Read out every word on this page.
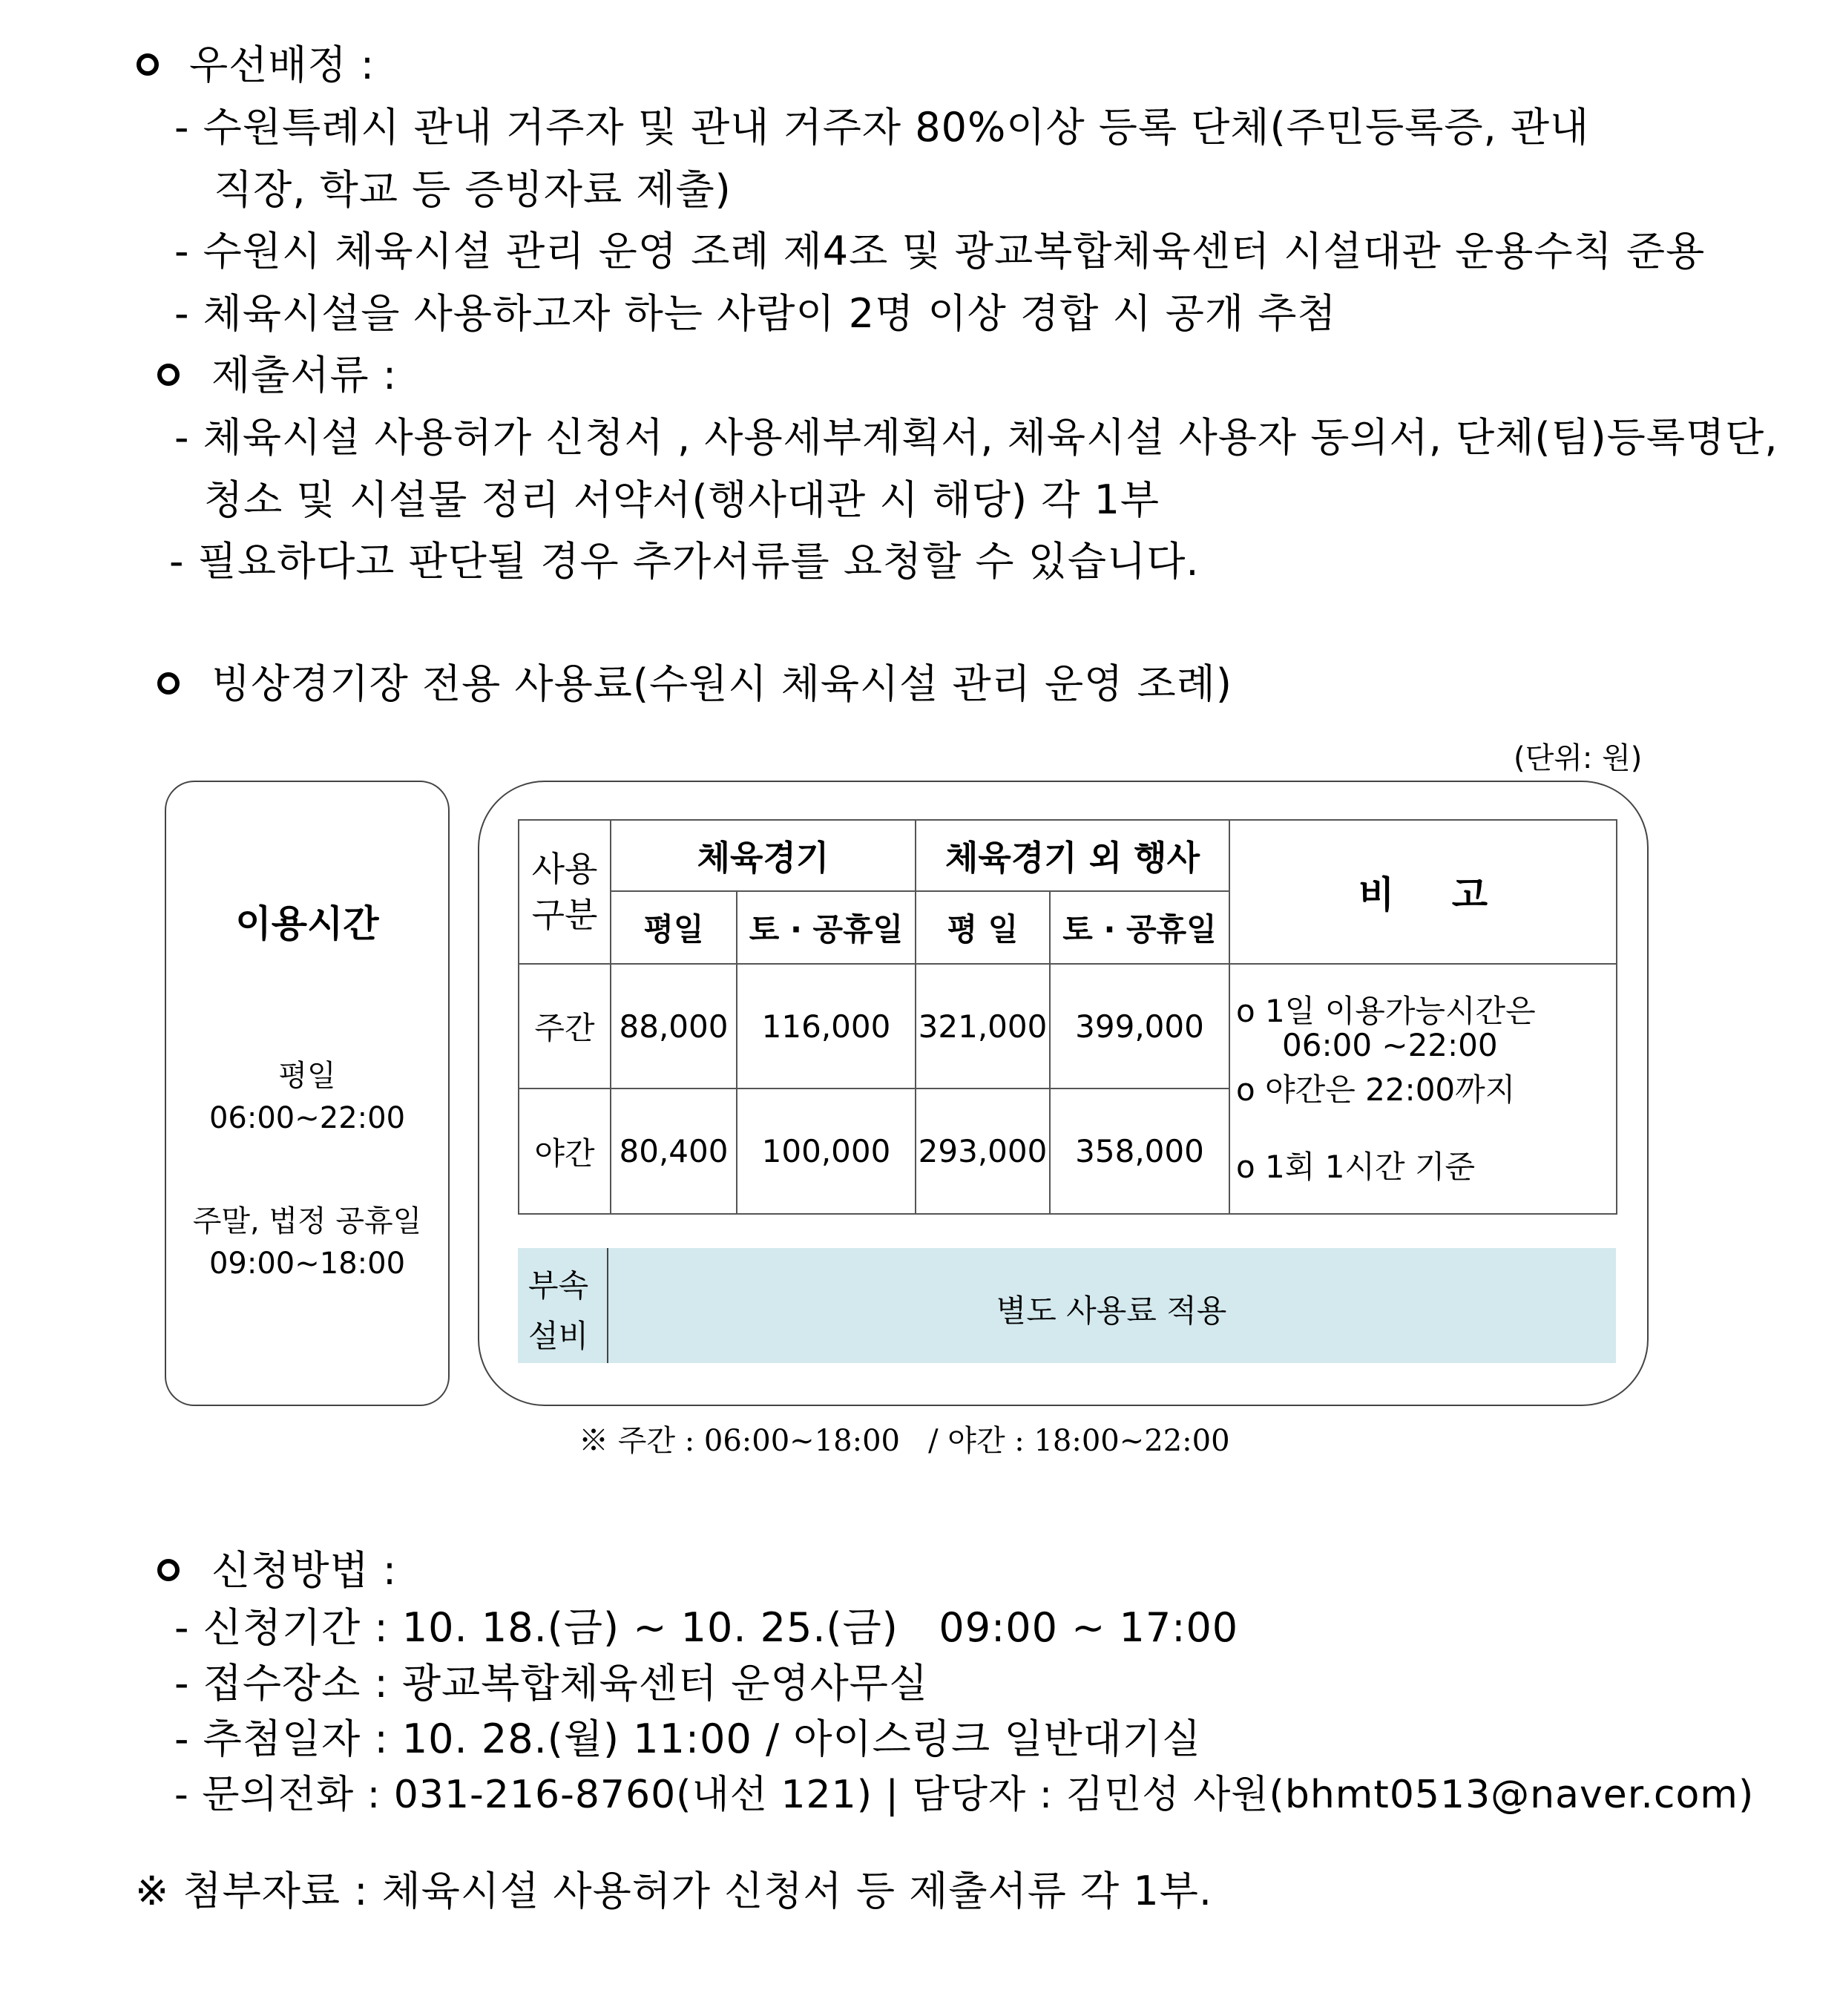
우선배정 :
- 수원특례시 관내 거주자 및 관내 거주자 80%이상 등록 단체(주민등록증, 관내
직장, 학교 등 증빙자료 제출)
- 수원시 체육시설 관리 운영 조례 제4조 및 광교복합체육센터 시설대관 운용수칙 준용
- 체육시설을 사용하고자 하는 사람이 2명 이상 경합 시 공개 추첨
제출서류 :
- 체육시설 사용허가 신청서 , 사용세부계획서, 체육시설 사용자 동의서, 단체(팀)등록명단,
청소 및 시설물 정리 서약서(행사대관 시 해당) 각 1부
- 필요하다고 판단될 경우 추가서류를 요청할 수 있습니다.
빙상경기장 전용 사용료(수원시 체육시설 관리 운영 조례)
(단위: 원)
이용시간
평일
06:00~22:00
주말, 법정 공휴일
09:00~18:00
사용
구분	체육경기		체육경기 외 행사		비 고
	평일	토 · 공휴일	평 일	토 · 공휴일	
주간	88,000	116,000	321,000	399,000	o 1일 이용가능시간은
06:00 ~22:00
o 야간은 22:00까지
o 1회 1시간 기준

야간	80,400	100,000	293,000	358,000	
부속
설비
별도 사용료 적용
※ 주간 : 06:00~18:00   / 야간 : 18:00~22:00
신청방법 :
- 신청기간 : 10. 18.(금) ~ 10. 25.(금)   09:00 ~ 17:00
- 접수장소 : 광교복합체육센터 운영사무실
- 추첨일자 : 10. 28.(월) 11:00 / 아이스링크 일반대기실
- 문의전화 : 031-216-8760(내선 121) | 담당자 : 김민성 사원(bhmt0513@naver.com)
※ 첨부자료 : 체육시설 사용허가 신청서 등 제출서류 각 1부.
